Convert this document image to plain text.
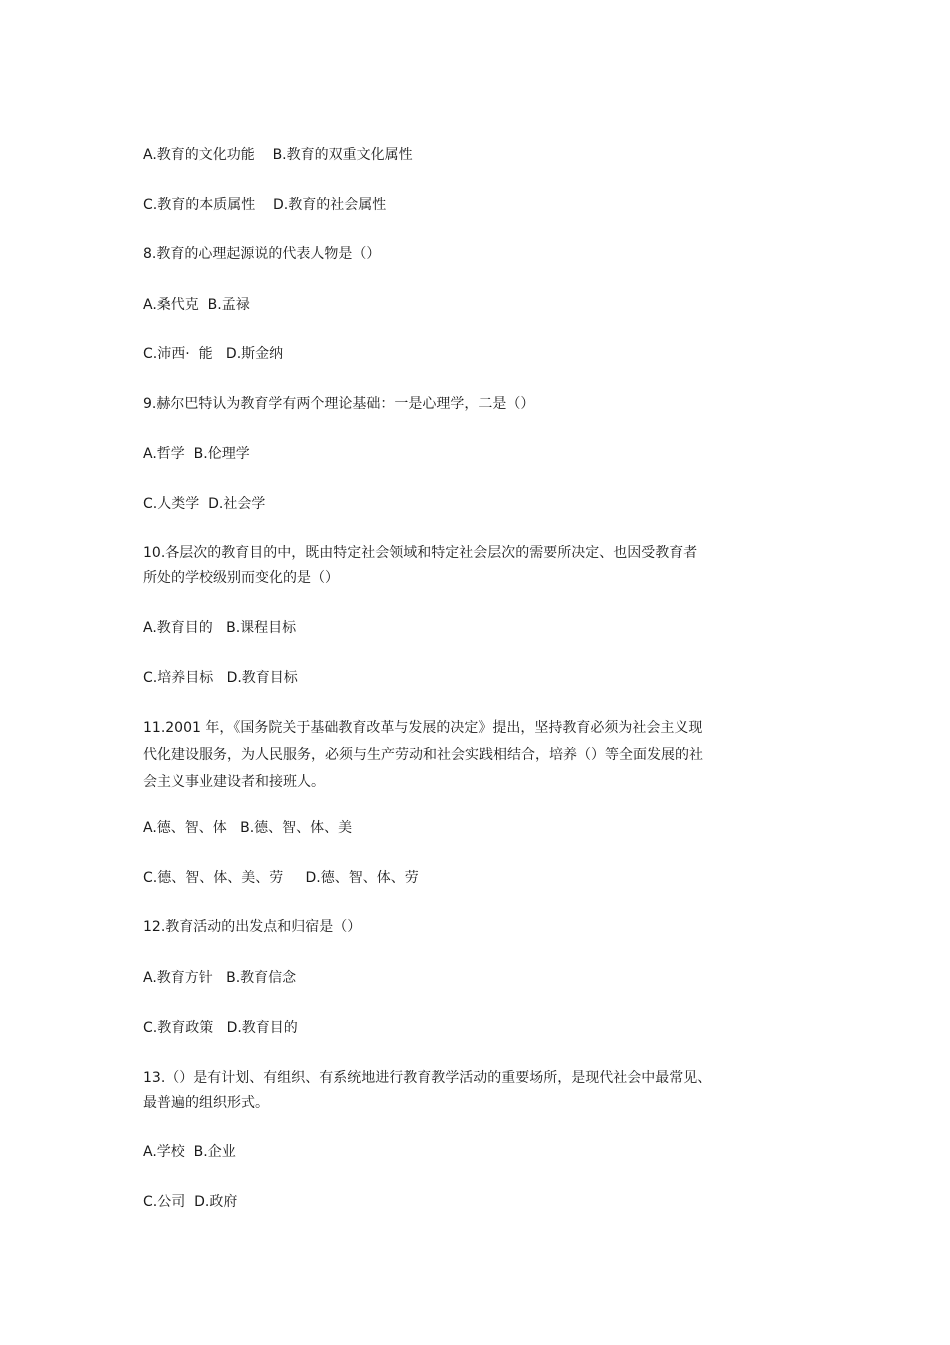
A.教育的文化功能    B.教育的双重文化属性
C.教育的本质属性    D.教育的社会属性
8.教育的心理起源说的代表人物是（）
A.桑代克  B.孟禄
C.沛西·  能   D.斯金纳
9.赫尔巴特认为教育学有两个理论基础：一是心理学，二是（）
A.哲学  B.伦理学
C.人类学  D.社会学
10.各层次的教育目的中，既由特定社会领域和特定社会层次的需要所决定、也因受教育者
所处的学校级别而变化的是（）
A.教育目的   B.课程目标
C.培养目标   D.教育目标
11.2001 年，《国务院关于基础教育改革与发展的决定》提出，坚持教育必须为社会主义现
代化建设服务，为人民服务，必须与生产劳动和社会实践相结合，培养（）等全面发展的社
会主义事业建设者和接班人。
A.德、智、体   B.德、智、体、美
C.德、智、体、美、劳     D.德、智、体、劳
12.教育活动的出发点和归宿是（）
A.教育方针   B.教育信念
C.教育政策   D.教育目的
13.（）是有计划、有组织、有系统地进行教育教学活动的重要场所，是现代社会中最常见、
最普遍的组织形式。
A.学校  B.企业
C.公司  D.政府
